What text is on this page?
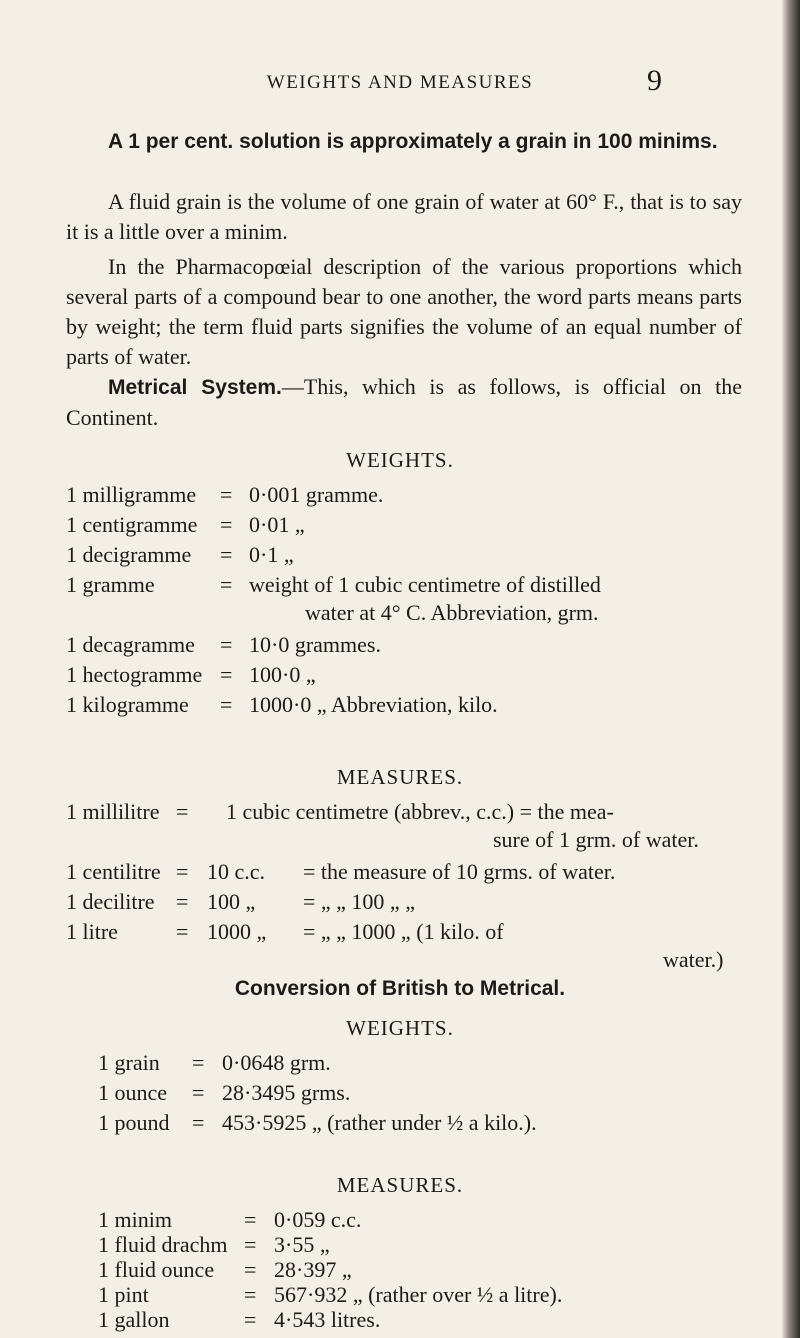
WEIGHTS AND MEASURES	9

A 1 per cent. solution is approximately a grain in 100 minims.

A fluid grain is the volume of one grain of water at 60° F., that is to say it is a little over a minim.

In the Pharmacopœial description of the various proportions which several parts of a compound bear to one another, the word parts means parts by weight; the term fluid parts signifies the volume of an equal number of parts of water.

Metrical System.—This, which is as follows, is official on the Continent.

WEIGHTS.
1 milligramme = 0·001 gramme.
1 centigramme = 0·01 „
1 decigramme = 0·1 „
1 gramme	= weight of 1 cubic centimetre of distilled
water at 4° C. Abbreviation, grm.
1 decagramme = 10·0 grammes.
1 hectogramme = 100·0 „
1 kilogramme = 1000·0 „ Abbreviation, kilo.
MEASURES.
1 millilitre = 1 cubic centimetre (abbrev., c.c.) = the mea-
sure of 1 grm. of water.
1 centilitre = 10 c.c. = the measure of 10 grms. of water.
1 decilitre = 100 „ = „ „ 100 „ „
1 litre	= 1000 „ = „ „ 1000 „ (1 kilo. of
water.)
Conversion of British to Metrical.
WEIGHTS.
1 grain = 0·0648 grm.
1 ounce = 28·3495 grms.
1 pound = 453·5925 „ (rather under ½ a kilo.).
MEASURES.
1 minim	= 0·059 c.c.
1 fluid drachm = 3·55 „
1 fluid ounce = 28·397 „
1 pint	= 567·932 „ (rather over ½ a litre).
1 gallon	= 4·543 litres.
